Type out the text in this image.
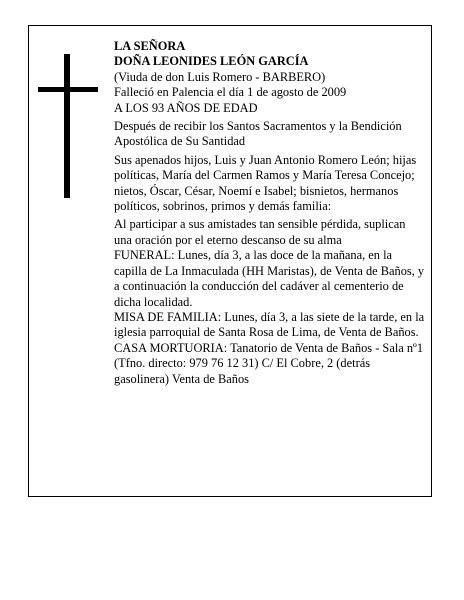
LA SEÑORA

DOÑA LEONIDES LEÓN GARCÍA

(Viuda de don Luis Romero - BARBERO)

Falleció en Palencia el día 1 de agosto de 2009

A LOS 93 AÑOS DE EDAD

Después de recibir los Santos Sacramentos y la Bendición Apostólica de Su Santidad

Sus apenados hijos, Luis y Juan Antonio Romero León; hijas políticas, María del Carmen Ramos y María Teresa Concejo; nietos, Óscar, César, Noemí e Isabel; bisnietos, hermanos políticos, sobrinos, primos y demás familia:

Al participar a sus amistades tan sensible pérdida, suplican una oración por el eterno descanso de su alma

FUNERAL: Lunes, día 3, a las doce de la mañana, en la capilla de La Inmaculada (HH Maristas), de Venta de Baños, y a continuación la conducción del cadáver al cementerio de dicha localidad.

MISA DE FAMILIA: Lunes, día 3, a las siete de la tarde, en la iglesia parroquial de Santa Rosa de Lima, de Venta de Baños.

CASA MORTUORIA: Tanatorio de Venta de Baños - Sala nº1 (Tfno. directo: 979 76 12 31) C/ El Cobre, 2 (detrás gasolinera) Venta de Baños
